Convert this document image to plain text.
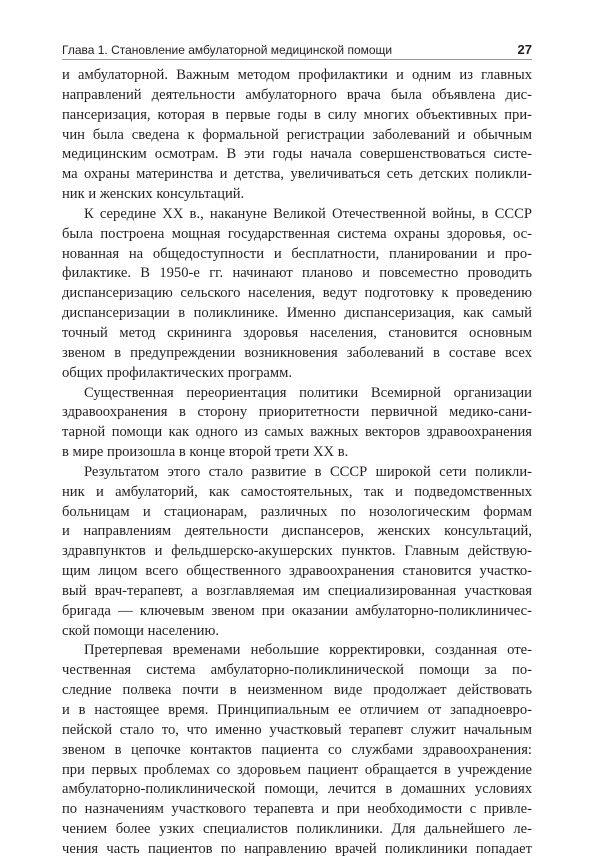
Глава 1. Становление амбулаторной медицинской помощи	27
и амбулаторной. Важным методом профилактики и одним из главных
направлений деятельности амбулаторного врача была объявлена дис-
пансеризация, которая в первые годы в силу многих объективных при-
чин была сведена к формальной регистрации заболеваний и обычным
медицинским осмотрам. В эти годы начала совершенствоваться систе-
ма охраны материнства и детства, увеличиваться сеть детских поликли-
ник и женских консультаций.
К середине XX в., накануне Великой Отечественной войны, в СССР
была построена мощная государственная система охраны здоровья, ос-
нованная на общедоступности и бесплатности, планировании и про-
филактике. В 1950-е гг. начинают планово и повсеместно проводить
диспансеризацию сельского населения, ведут подготовку к проведению
диспансеризации в поликлинике. Именно диспансеризация, как самый
точный метод скрининга здоровья населения, становится основным
звеном в предупреждении возникновения заболеваний в составе всех
общих профилактических программ.
Существенная переориентация политики Всемирной организации
здравоохранения в сторону приоритетности первичной медико-сани-
тарной помощи как одного из самых важных векторов здравоохранения
в мире произошла в конце второй трети XX в.
Результатом этого стало развитие в СССР широкой сети поликли-
ник и амбулаторий, как самостоятельных, так и подведомственных
больницам и стационарам, различных по нозологическим формам
и направлениям деятельности диспансеров, женских консультаций,
здравпунктов и фельдшерско-акушерских пунктов. Главным действую-
щим лицом всего общественного здравоохранения становится участко-
вый врач-терапевт, а возглавляемая им специализированная участковая
бригада — ключевым звеном при оказании амбулаторно-поликлиничес-
ской помощи населению.
Претерпевая временами небольшие корректировки, созданная оте-
чественная система амбулаторно-поликлинической помощи за по-
следние полвека почти в неизменном виде продолжает действовать
и в настоящее время. Принципиальным ее отличием от западноевро-
пейской стало то, что именно участковый терапевт служит начальным
звеном в цепочке контактов пациента со службами здравоохранения:
при первых проблемах со здоровьем пациент обращается в учреждение
амбулаторно-поликлинической помощи, лечится в домашних условиях
по назначениям участкового терапевта и при необходимости с привле-
чением более узких специалистов поликлиники. Для дальнейшего ле-
чения часть пациентов по направлению врачей поликлиники попадает
